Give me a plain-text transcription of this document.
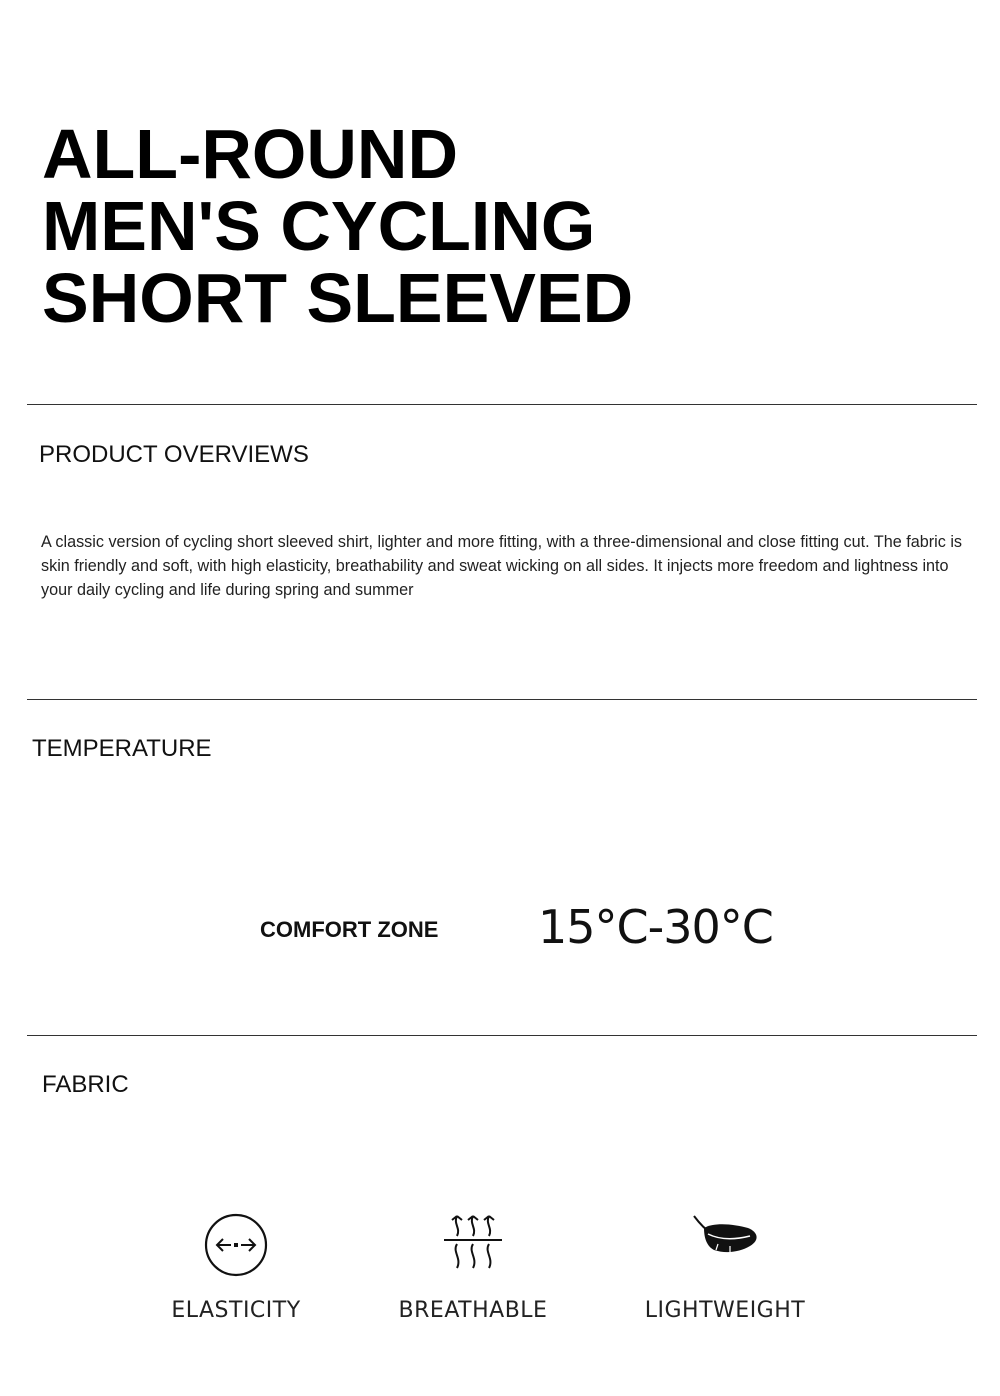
ALL-ROUND
MEN'S CYCLING
SHORT SLEEVED
PRODUCT OVERVIEWS

A classic version of cycling short sleeved shirt, lighter and more fitting, with a three-dimensional and close fitting cut. The fabric is skin friendly and soft, with high elasticity, breathability and sweat wicking on all sides. It injects more freedom and lightness into your daily cycling and life during spring and summer

TEMPERATURE
COMFORT ZONE 15°C-30°C
FABRIC
ELASTICITY	BREATHABLE	LIGHTWEIGHT
